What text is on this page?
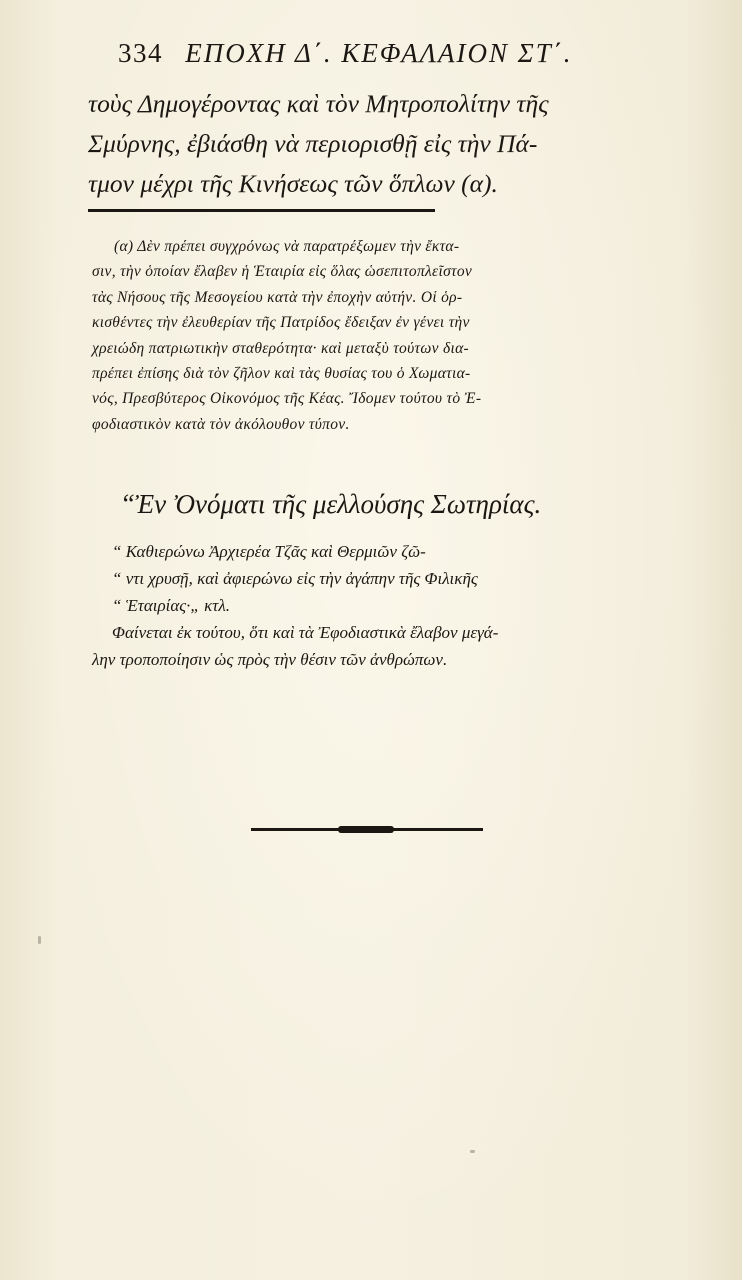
334 ΕΠΟΧΗ Δ΄. ΚΕΦΑΛΑΙΟΝ ΣΤ΄.
τοὺς Δημογέροντας καὶ τὸν Μητροπολίτην τῆς
Σμύρνης, ἐβιάσθη νὰ περιορισθῇ εἰς τὴν Πά-
τμον μέχρι τῆς Κινήσεως τῶν ὅπλων (α).
(α) Δὲν πρέπει συγχρόνως νὰ παρατρέξωμεν τὴν ἔκτα-
σιν, τὴν ὁποίαν ἔλαβεν ἡ Ἑταιρία εἰς ὅλας ὡσεπιτοπλεῖστον
τὰς Νήσους τῆς Μεσογείου κατὰ τὴν ἐποχὴν αὐτήν. Οἱ ὁρ-
κισθέντες τὴν ἐλευθερίαν τῆς Πατρίδος ἔδειξαν ἐν γένει τὴν
χρειώδη πατριωτικὴν σταθερότητα· καὶ μεταξὺ τούτων δια-
πρέπει ἐπίσης διὰ τὸν ζῆλον καὶ τὰς θυσίας του ὁ Χωματια-
νός, Πρεσβύτερος Οἰκονόμος τῆς Κέας. Ἴδομεν τούτου τὸ Ἐ-
φοδιαστικὸν κατὰ τὸν ἀκόλουθον τύπον.
“Ἐν Ὀνόματι τῆς μελλούσης Σωτηρίας.
“ Καθιερώνω Ἀρχιερέα Τζᾶς καὶ Θερμιῶν ζῶ-
“ ντι χρυσῇ, καὶ ἀφιερώνω εἰς τὴν ἀγάπην τῆς Φιλικῆς
“ Ἑταιρίας·„ κτλ.
Φαίνεται ἐκ τούτου, ὅτι καὶ τὰ Ἐφοδιαστικὰ ἔλαβον μεγά-
λην τροποποίησιν ὡς πρὸς τὴν θέσιν τῶν ἀνθρώπων.
